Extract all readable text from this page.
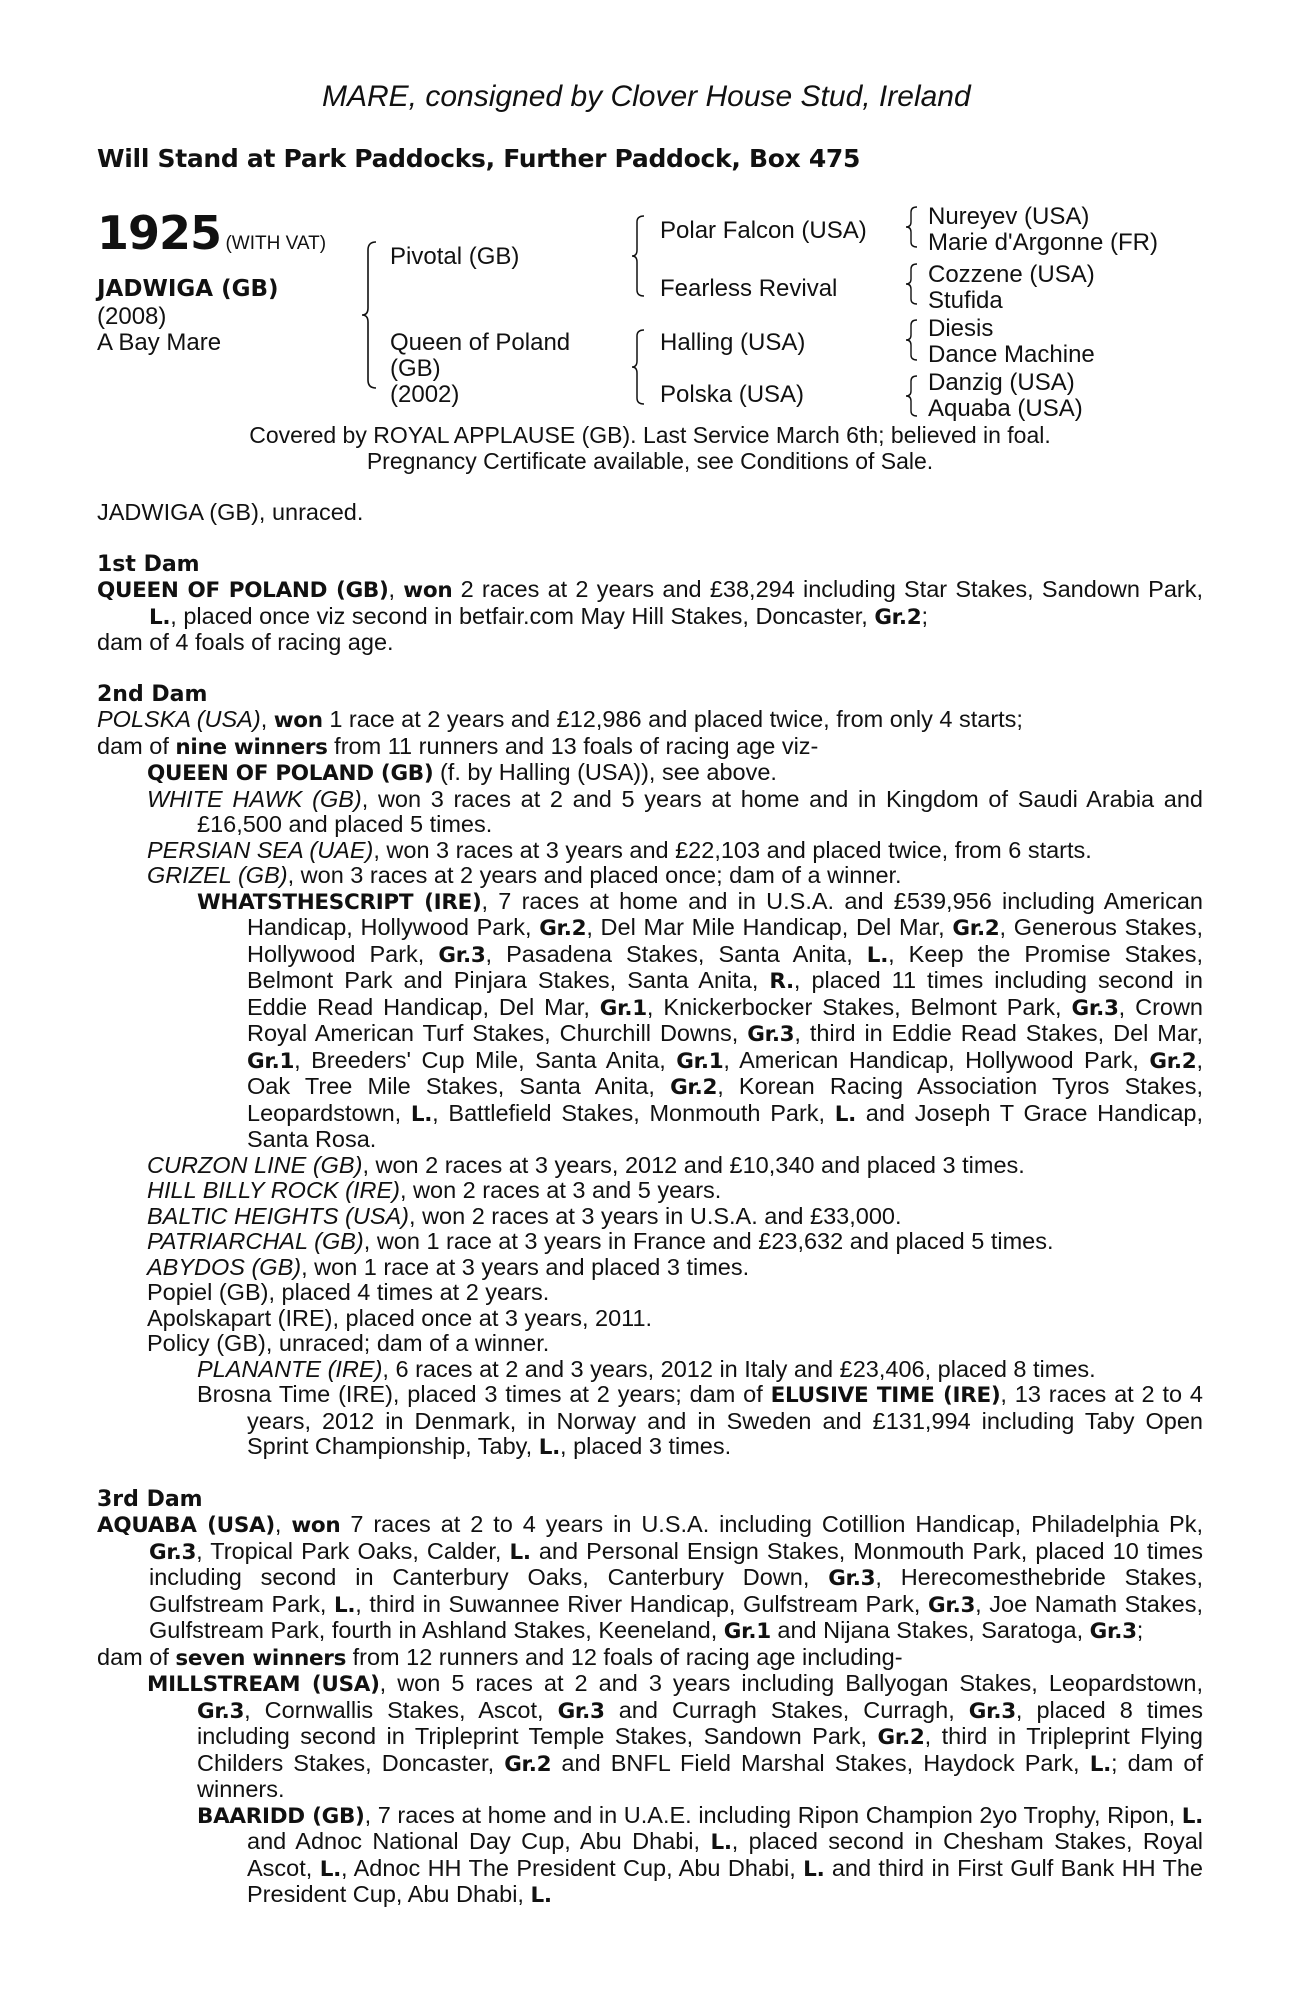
MARE, consigned by Clover House Stud, Ireland
Will Stand at Park Paddocks, Further Paddock, Box 475
1925 (WITH VAT)
JADWIGA (GB)
(2008)
A Bay Mare
Pivotal (GB)
Queen of Poland
(GB)
(2002)
Polar Falcon (USA)
Fearless Revival
Halling (USA)
Polska (USA)
Nureyev (USA)
Marie d'Argonne (FR)
Cozzene (USA)
Stufida
Diesis
Dance Machine
Danzig (USA)
Aquaba (USA)
Covered by ROYAL APPLAUSE (GB). Last Service March 6th; believed in foal.
Pregnancy Certificate available, see Conditions of Sale.

JADWIGA (GB), unraced.

1st Dam

QUEEN OF POLAND (GB), won 2 races at 2 years and £38,294 including Star Stakes, Sandown Park, L., placed once viz second in betfair.com May Hill Stakes, Doncaster, Gr.2;

dam of 4 foals of racing age.

2nd Dam

POLSKA (USA), won 1 race at 2 years and £12,986 and placed twice, from only 4 starts;

dam of nine winners from 11 runners and 13 foals of racing age viz-

QUEEN OF POLAND (GB) (f. by Halling (USA)), see above.

WHITE HAWK (GB), won 3 races at 2 and 5 years at home and in Kingdom of Saudi Arabia and £16,500 and placed 5 times.

PERSIAN SEA (UAE), won 3 races at 3 years and £22,103 and placed twice, from 6 starts.

GRIZEL (GB), won 3 races at 2 years and placed once; dam of a winner.

WHATSTHESCRIPT (IRE), 7 races at home and in U.S.A. and £539,956 including American Handicap, Hollywood Park, Gr.2, Del Mar Mile Handicap, Del Mar, Gr.2, Generous Stakes, Hollywood Park, Gr.3, Pasadena Stakes, Santa Anita, L., Keep the Promise Stakes, Belmont Park and Pinjara Stakes, Santa Anita, R., placed 11 times including second in Eddie Read Handicap, Del Mar, Gr.1, Knickerbocker Stakes, Belmont Park, Gr.3, Crown Royal American Turf Stakes, Churchill Downs, Gr.3, third in Eddie Read Stakes, Del Mar, Gr.1, Breeders' Cup Mile, Santa Anita, Gr.1, American Handicap, Hollywood Park, Gr.2, Oak Tree Mile Stakes, Santa Anita, Gr.2, Korean Racing Association Tyros Stakes, Leopardstown, L., Battlefield Stakes, Monmouth Park, L. and Joseph T Grace Handicap, Santa Rosa.

CURZON LINE (GB), won 2 races at 3 years, 2012 and £10,340 and placed 3 times.

HILL BILLY ROCK (IRE), won 2 races at 3 and 5 years.

BALTIC HEIGHTS (USA), won 2 races at 3 years in U.S.A. and £33,000.

PATRIARCHAL (GB), won 1 race at 3 years in France and £23,632 and placed 5 times.

ABYDOS (GB), won 1 race at 3 years and placed 3 times.

Popiel (GB), placed 4 times at 2 years.

Apolskapart (IRE), placed once at 3 years, 2011.

Policy (GB), unraced; dam of a winner.

PLANANTE (IRE), 6 races at 2 and 3 years, 2012 in Italy and £23,406, placed 8 times.

Brosna Time (IRE), placed 3 times at 2 years; dam of ELUSIVE TIME (IRE), 13 races at 2 to 4 years, 2012 in Denmark, in Norway and in Sweden and £131,994 including Taby Open Sprint Championship, Taby, L., placed 3 times.

3rd Dam

AQUABA (USA), won 7 races at 2 to 4 years in U.S.A. including Cotillion Handicap, Philadelphia Pk, Gr.3, Tropical Park Oaks, Calder, L. and Personal Ensign Stakes, Monmouth Park, placed 10 times including second in Canterbury Oaks, Canterbury Down, Gr.3, Herecomesthebride Stakes, Gulfstream Park, L., third in Suwannee River Handicap, Gulfstream Park, Gr.3, Joe Namath Stakes, Gulfstream Park, fourth in Ashland Stakes, Keeneland, Gr.1 and Nijana Stakes, Saratoga, Gr.3;

dam of seven winners from 12 runners and 12 foals of racing age including-

MILLSTREAM (USA), won 5 races at 2 and 3 years including Ballyogan Stakes, Leopardstown, Gr.3, Cornwallis Stakes, Ascot, Gr.3 and Curragh Stakes, Curragh, Gr.3, placed 8 times including second in Tripleprint Temple Stakes, Sandown Park, Gr.2, third in Tripleprint Flying Childers Stakes, Doncaster, Gr.2 and BNFL Field Marshal Stakes, Haydock Park, L.; dam of winners.

BAARIDD (GB), 7 races at home and in U.A.E. including Ripon Champion 2yo Trophy, Ripon, L. and Adnoc National Day Cup, Abu Dhabi, L., placed second in Chesham Stakes, Royal Ascot, L., Adnoc HH The President Cup, Abu Dhabi, L. and third in First Gulf Bank HH The President Cup, Abu Dhabi, L.
